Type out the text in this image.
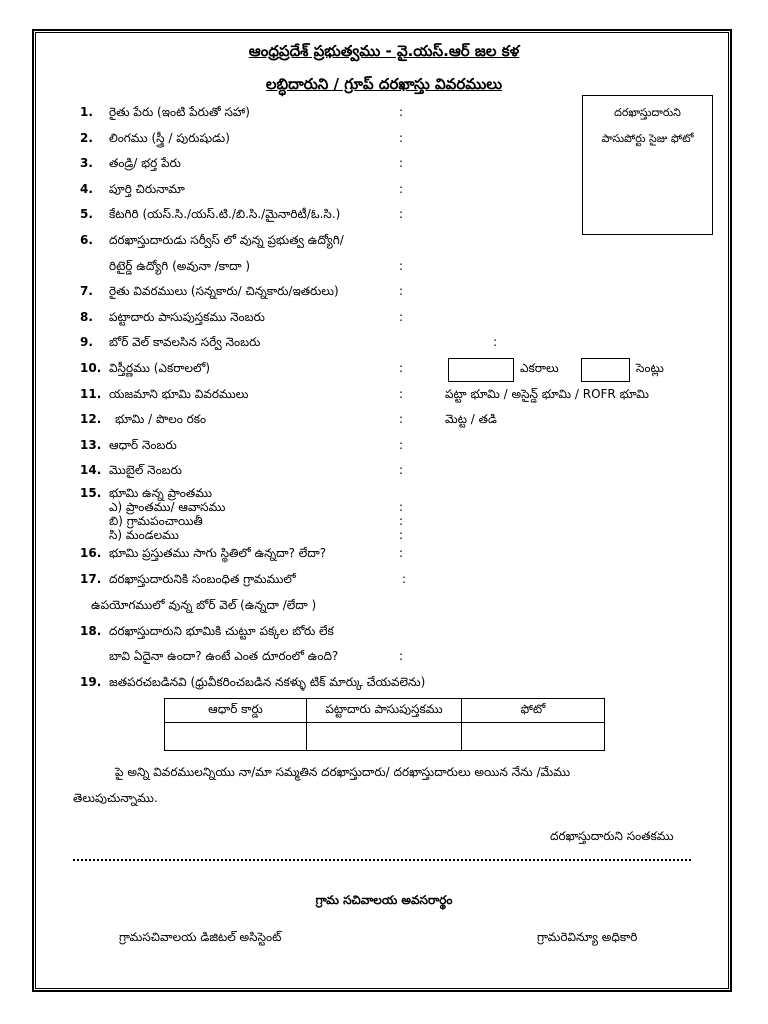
ఆంధ్రప్రదేశ్ ప్రభుత్వము - వై.యస్.ఆర్ జల కళ
లబ్ధిదారుని / గ్రూప్ దరఖాస్తు వివరములు
దరఖాస్తుదారుని
పాసుపోర్టు సైజు ఫోటో
1. రైతు పేరు (ఇంటి పేరుతో సహా)	:
2. లింగము (స్త్రీ / పురుషుడు)	:
3. తండ్రి/ భర్త పేరు	:
4. పూర్తి చిరునామా	:
5. కేటగిరి (యస్.సి./యస్.టి./బి.సి./మైనారిటీ/ఓ.సి.)	:
6. దరఖాస్తుదారుడు సర్వీస్ లో వున్న ప్రభుత్వ ఉద్యోగి/
రిటైర్డ్ ఉద్యోగి (అవునా /కాదా )	:
7. రైతు వివరములు (సన్నకారు/ చిన్నకారు/ఇతరులు)	:
8. పట్టాదారు పాసుపుస్తకము నెంబరు	:
9. బోర్ వెల్ కావలసిన సర్వే నెంబరు	:
10. విస్తీర్ణము (ఎకరాలలో)	:	ఎకరాలు	సెంట్లు
11. యజమాని భూమి వివరములు	:	పట్టా భూమి / అసైన్డ్ భూమి / ROFR భూమి
12. భూమి / పొలం రకం	:	మెట్ట / తడి
13. ఆధార్ నెంబరు	:
14. మొబైల్ నెంబరు	:
15. భూమి ఉన్న ప్రాంతము
ఎ) ప్రాంతము/ ఆవాసము	:
బి) గ్రామపంచాయితీ	:
సి) మండలము	:
16. భూమి ప్రస్తుతము సాగు స్థితిలో ఉన్నదా? లేదా?	:
17. దరఖాస్తుదారునికి సంబంధిత గ్రామములో	:
ఉపయోగములో వున్న బోర్ వెల్ (ఉన్నదా /లేదా )
18. దరఖాస్తుదారుని భూమికి చుట్టూ పక్కల బోరు లేక
బావి ఏదైనా ఉందా? ఉంటే ఎంత దూరంలో ఉంది?	:
19. జతపరచబడినవి (ధ్రువీకరించబడిన నకళ్ళు టిక్ మార్కు చేయవలెను)
ఆధార్ కార్డు	పట్టాదారు పాసుపుస్తకము	ఫోటో

పై అన్ని వివరములన్నియు నా/మా సమ్మతిన దరఖాస్తుదారు/ దరఖాస్తుదారులు అయిన నేను /మేము
తెలుపుచున్నాము.
దరఖాస్తుదారుని సంతకము
గ్రామ సచివాలయ అవసరార్థం
గ్రామసచివాలయ డిజిటల్ అసిస్టెంట్	గ్రామరెవిన్యూ అధికారి
